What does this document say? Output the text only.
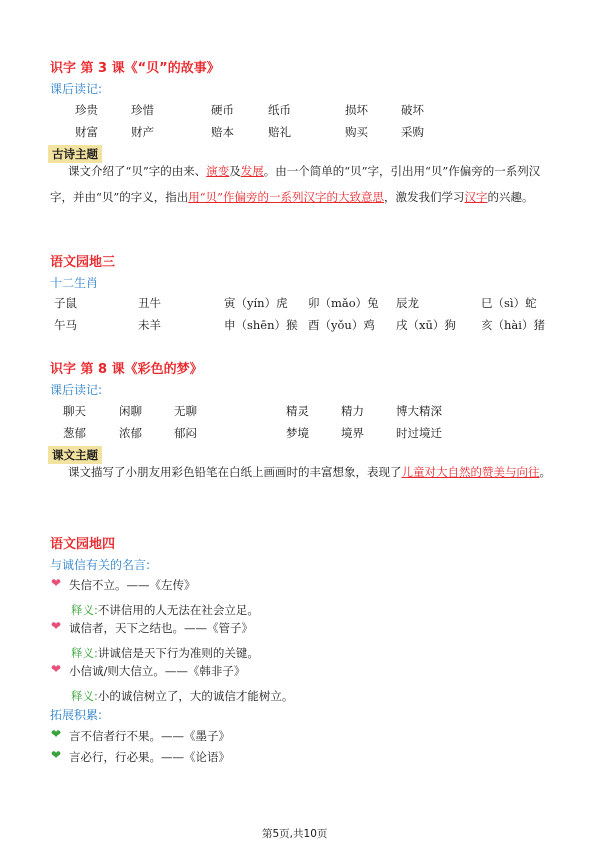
识字 第 3 课《“贝”的故事》
课后读记:
珍贵	珍惜	硬币	纸币	损坏	破坏
财富	财产	赔本	赔礼	购买	采购
古诗主题
课文介绍了“贝”字的由来、演变及发展。由一个简单的“贝”字，引出用“贝”作偏旁的一系列汉字，并由“贝”的字义，指出用“贝”作偏旁的一系列汉字的大致意思，激发我们学习汉字的兴趣。
语文园地三
十二生肖
子鼠	丑牛	寅（yín）虎 卯（mǎo）兔 辰龙	巳（sì）蛇
午马	未羊	申（shēn）猴 酉（yǒu）鸡 戌（xū）狗 亥（hài）猪
识字 第 8 课《彩色的梦》
课后读记:
聊天	闲聊	无聊	精灵	精力	博大精深
葱郁	浓郁	郁闷	梦境	境界	时过境迁
课文主题
课文描写了小朋友用彩色铅笔在白纸上画画时的丰富想象，表现了儿童对大自然的赞美与向往。
语文园地四
与诚信有关的名言:
❤ 失信不立。——《左传》
释义:不讲信用的人无法在社会立足。
❤ 诚信者，天下之结也。——《管子》
释义:讲诚信是天下行为准则的关键。
❤ 小信诚/则大信立。——《韩非子》
释义:小的诚信树立了，大的诚信才能树立。
拓展积累:
❤ 言不信者行不果。——《墨子》
❤ 言必行，行必果。——《论语》
第5页,共10页
